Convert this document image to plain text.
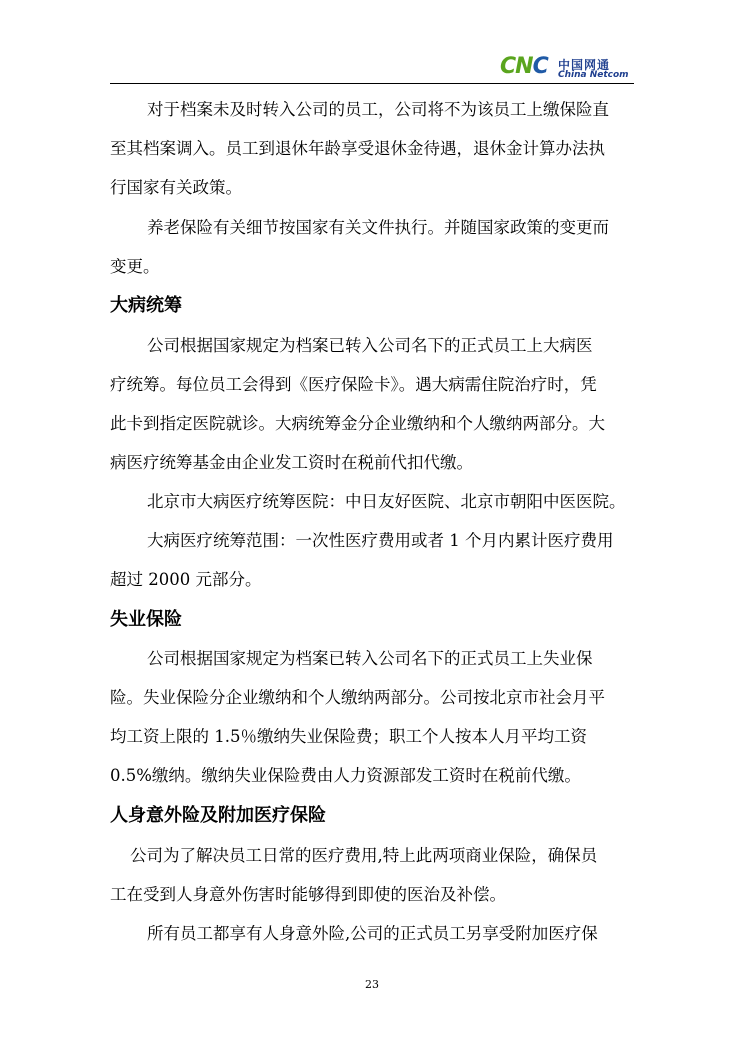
CNC 中国网通
China Netcom
对于档案未及时转入公司的员工，公司将不为该员工上缴保险直
至其档案调入。员工到退休年龄享受退休金待遇，退休金计算办法执
行国家有关政策。
养老保险有关细节按国家有关文件执行。并随国家政策的变更而
变更。
大病统筹
公司根据国家规定为档案已转入公司名下的正式员工上大病医
疗统筹。每位员工会得到《医疗保险卡》。遇大病需住院治疗时，凭
此卡到指定医院就诊。大病统筹金分企业缴纳和个人缴纳两部分。大
病医疗统筹基金由企业发工资时在税前代扣代缴。
北京市大病医疗统筹医院：中日友好医院、北京市朝阳中医医院。
大病医疗统筹范围：一次性医疗费用或者 1 个月内累计医疗费用
超过 2000 元部分。
失业保险
公司根据国家规定为档案已转入公司名下的正式员工上失业保
险。失业保险分企业缴纳和个人缴纳两部分。公司按北京市社会月平
均工资上限的 1.5％缴纳失业保险费；职工个人按本人月平均工资
0.5%缴纳。缴纳失业保险费由人力资源部发工资时在税前代缴。
人身意外险及附加医疗保险
公司为了解决员工日常的医疗费用,特上此两项商业保险，确保员
工在受到人身意外伤害时能够得到即使的医治及补偿。
所有员工都享有人身意外险,公司的正式员工另享受附加医疗保
23
